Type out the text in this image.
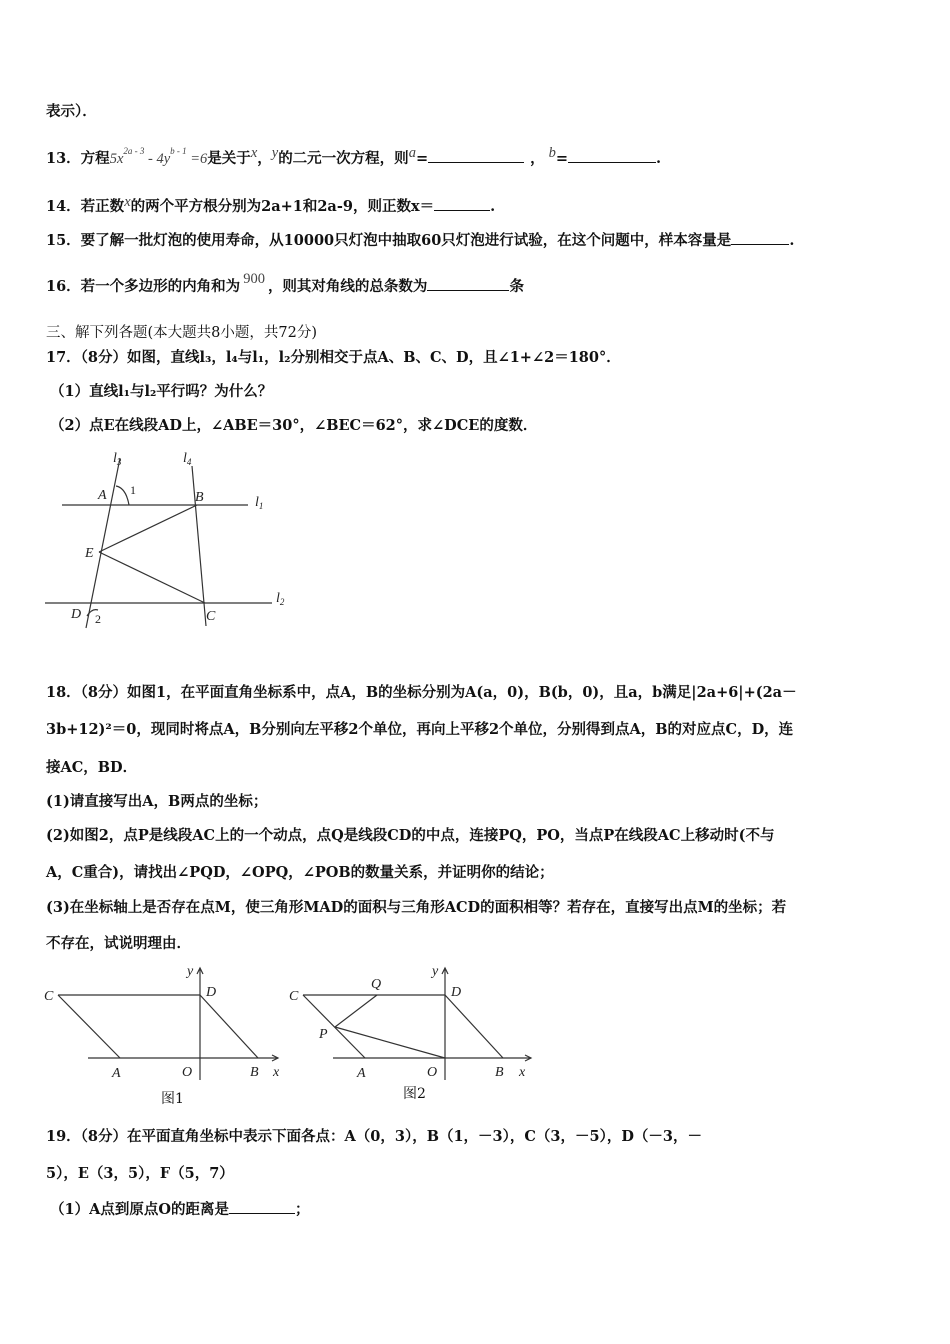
表示）．
13．方程$5x^{2a - 3} - 4y^{b - 1} =6$是关于x，y的二元一次方程，则a=	， b=	.
14．若正数x的两个平方根分别为2a+1和2a-9，则正数x＝	.
15．要了解一批灯泡的使用寿命，从10000只灯泡中抽取60只灯泡进行试验，在这个问题中，样本容量是	.
16．若一个多边形的内角和为 900 ，则其对角线的总条数为	条
三、解下列各题(本大题共8小题，共72分)
17．（8分）如图，直线l₃，l₄与l₁，l₂分别相交于点A、B、C、D，且∠1+∠2＝180°．
（1）直线l₁与l₂平行吗？为什么？
（2）点E在线段AD上，∠ABE＝30°，∠BEC＝62°，求∠DCE的度数．
$l_3$	$l_4$
$l_1$
$l_2$
A	B
E
D	C
1
2
18．（8分）如图1，在平面直角坐标系中，点A，B的坐标分别为A(a，0)，B(b，0)，且a，b满足|2a+6|+(2a－
3b+12)²＝0，现同时将点A，B分别向左平移2个单位，再向上平移2个单位，分别得到点A，B的对应点C，D，连
接AC，BD．
(1)请直接写出A，B两点的坐标；
(2)如图2，点P是线段AC上的一个动点，点Q是线段CD的中点，连接PQ，PO，当点P在线段AC上移动时(不与
A，C重合)，请找出∠PQD，∠OPQ，∠POB的数量关系，并证明你的结论；
(3)在坐标轴上是否存在点M，使三角形MAD的面积与三角形ACD的面积相等？若存在，直接写出点M的坐标；若
不存在，试说明理由．
C	D
A	O	B x
y
图1
C
Q
D
P
A	O	B x
y
图2
19．（8分）在平面直角坐标中表示下面各点：A（0，3），B（1，－3），C（3，－5），D（－3，－
5），E（3，5），F（5，7）
（1）A点到原点O的距离是	；
